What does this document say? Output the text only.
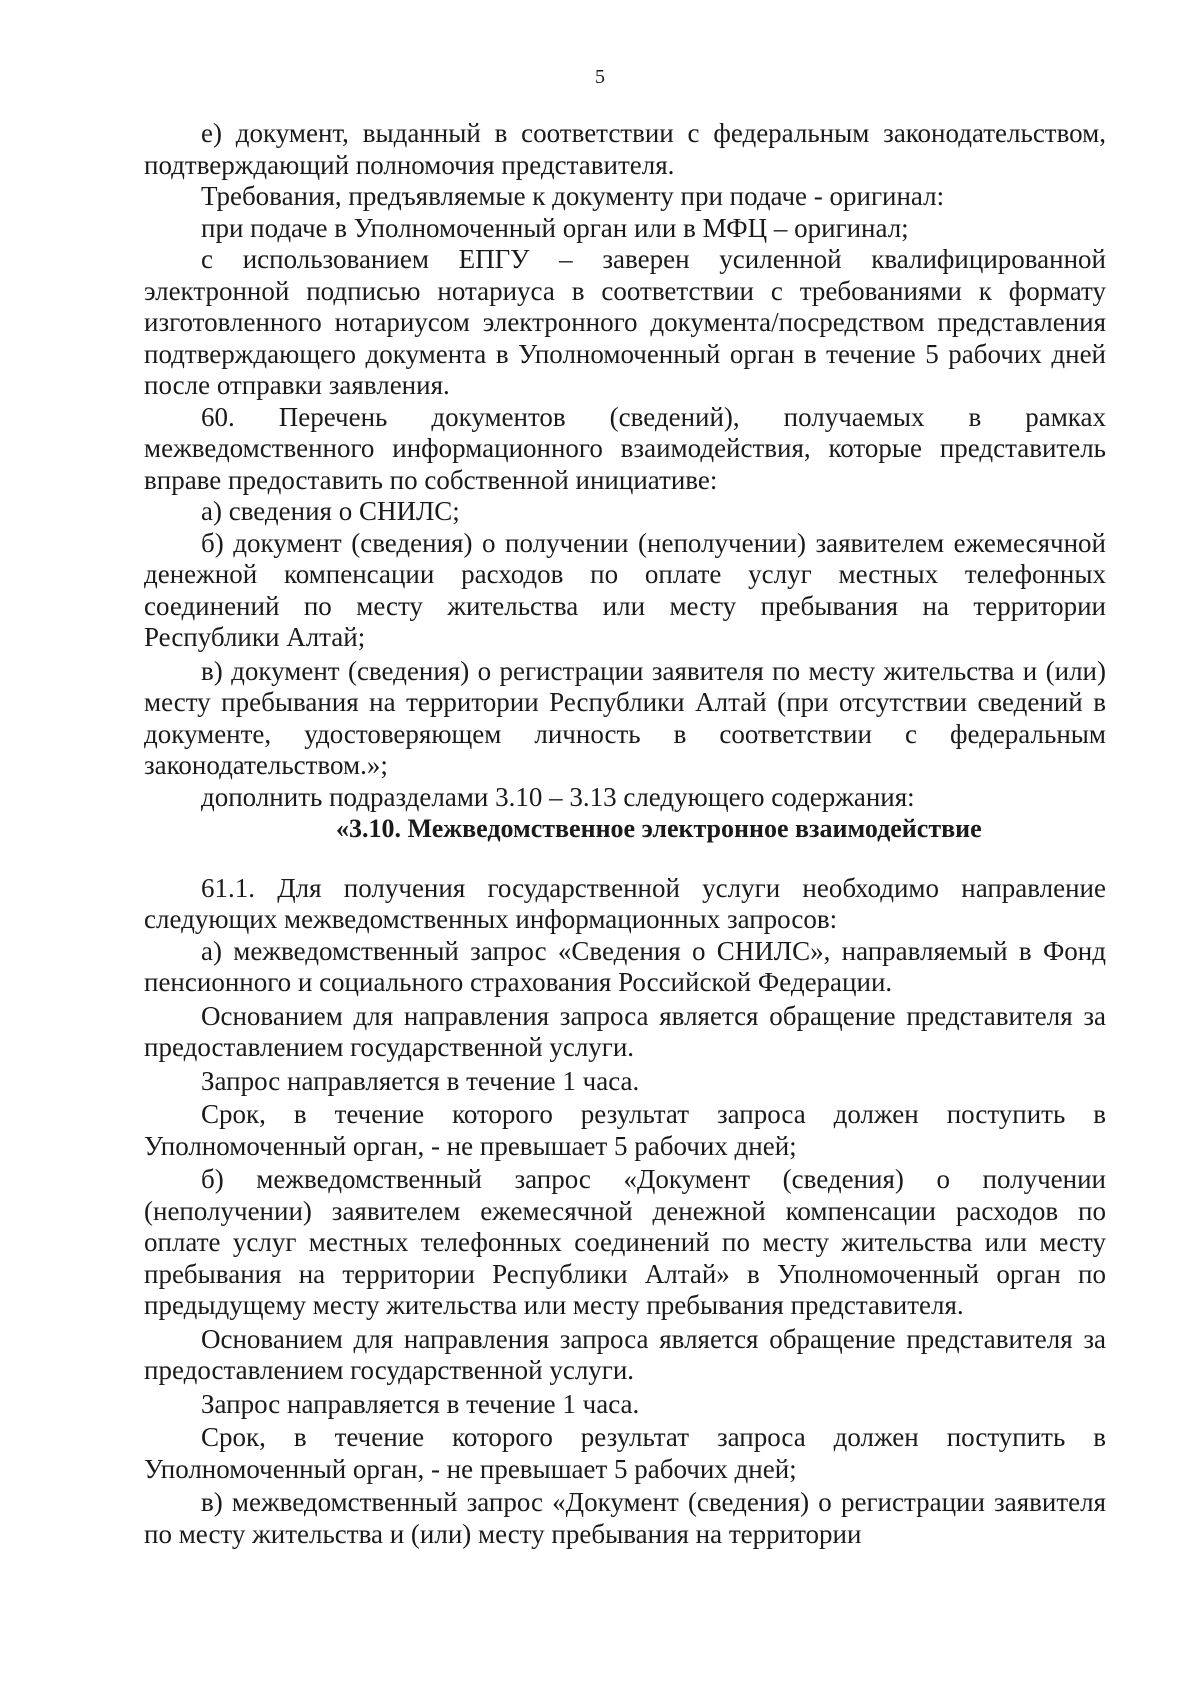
5

е) документ, выданный в соответствии с федеральным законодательством, подтверждающий полномочия представителя.

Требования, предъявляемые к документу при подаче - оригинал:

при подаче в Уполномоченный орган или в МФЦ – оригинал;

с использованием ЕПГУ – заверен усиленной квалифицированной электронной подписью нотариуса в соответствии с требованиями к формату изготовленного нотариусом электронного документа/посредством представления подтверждающего документа в Уполномоченный орган в течение 5 рабочих дней после отправки заявления.

60. Перечень документов (сведений), получаемых в рамках межведомственного информационного взаимодействия, которые представитель вправе предоставить по собственной инициативе:

а) сведения о СНИЛС;

б) документ (сведения) о получении (неполучении) заявителем ежемесячной денежной компенсации расходов по оплате услуг местных телефонных соединений по месту жительства или месту пребывания на территории Республики Алтай;

в) документ (сведения) о регистрации заявителя по месту жительства и (или) месту пребывания на территории Республики Алтай (при отсутствии сведений в документе, удостоверяющем личность в соответствии с федеральным законодательством.»;

дополнить подразделами 3.10 – 3.13 следующего содержания:

«3.10. Межведомственное электронное взаимодействие

61.1. Для получения государственной услуги необходимо направление следующих межведомственных информационных запросов:

а) межведомственный запрос «Сведения о СНИЛС», направляемый в Фонд пенсионного и социального страхования Российской Федерации.

Основанием для направления запроса является обращение представителя за предоставлением государственной услуги.

Запрос направляется в течение 1 часа.

Срок, в течение которого результат запроса должен поступить в Уполномоченный орган, - не превышает 5 рабочих дней;

б) межведомственный запрос «Документ (сведения) о получении (неполучении) заявителем ежемесячной денежной компенсации расходов по оплате услуг местных телефонных соединений по месту жительства или месту пребывания на территории Республики Алтай» в Уполномоченный орган по предыдущему месту жительства или месту пребывания представителя.

Основанием для направления запроса является обращение представителя за предоставлением государственной услуги.

Запрос направляется в течение 1 часа.

Срок, в течение которого результат запроса должен поступить в Уполномоченный орган, - не превышает 5 рабочих дней;

в) межведомственный запрос «Документ (сведения) о регистрации заявителя по месту жительства и (или) месту пребывания на территории
